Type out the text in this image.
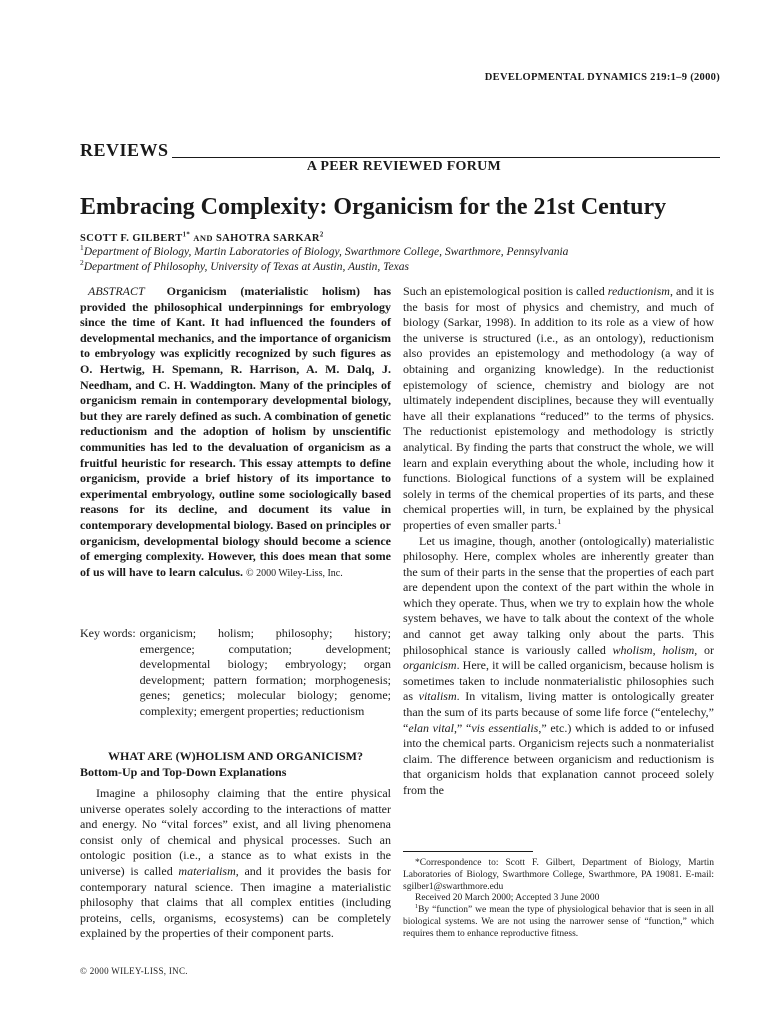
DEVELOPMENTAL DYNAMICS 219:1–9 (2000)
REVIEWS
A PEER REVIEWED FORUM
Embracing Complexity: Organicism for the 21st Century
SCOTT F. $GILBERT^{1*}$ AND SAHOTRA SARKAR$^2$
$^1$Department of Biology, Martin Laboratories of Biology, Swarthmore College, Swarthmore, Pennsylvania
$^2$Department of Philosophy, University of Texas at Austin, Austin, Texas
ABSTRACT Organicism (materialistic holism) has provided the philosophical underpinnings for embryology since the time of Kant. It had influenced the founders of developmental mechanics, and the importance of organicism to embryology was explicitly recognized by such figures as O. Hertwig, H. Spemann, R. Harrison, A. M. Dalq, J. Needham, and C. H. Waddington. Many of the principles of organicism remain in contemporary developmental biology, but they are rarely defined as such. A combination of genetic reductionism and the adoption of holism by unscientific communities has led to the devaluation of organicism as a fruitful heuristic for research. This essay attempts to define organicism, provide a brief history of its importance to experimental embryology, outline some sociologically based reasons for its decline, and document its value in contemporary developmental biology. Based on principles or organicism, developmental biology should become a science of emerging complexity. However, this does mean that some of us will have to learn calculus. © 2000 Wiley-Liss, Inc.
Key words: organicism; holism; philosophy; history; emergence; computation; development; developmental biology; embryology; organ development; pattern formation; morphogenesis; genes; genetics; molecular biology; genome; complexity; emergent properties; reductionism
WHAT ARE (W)HOLISM AND ORGANICISM?
Bottom-Up and Top-Down Explanations

Imagine a philosophy claiming that the entire physical universe operates solely according to the interactions of matter and energy. No “vital forces” exist, and all living phenomena consist only of chemical and physical processes. Such an ontologic position (i.e., a stance as to what exists in the universe) is called materialism, and it provides the basis for contemporary natural science. Then imagine a materialistic philosophy that claims that all complex entities (including proteins, cells, organisms, ecosystems) can be completely explained by the properties of their component parts.

Such an epistemological position is called reductionism, and it is the basis for most of physics and chemistry, and much of biology (Sarkar, 1998). In addition to its role as a view of how the universe is structured (i.e., as an ontology), reductionism also provides an epistemology and methodology (a way of obtaining and organizing knowledge). In the reductionist epistemology of science, chemistry and biology are not ultimately independent disciplines, because they will eventually have all their explanations “reduced” to the terms of physics. The reductionist epistemology and methodology is strictly analytical. By finding the parts that construct the whole, we will learn and explain everything about the whole, including how it functions. Biological functions of a system will be explained solely in terms of the chemical properties of its parts, and these chemical properties will, in turn, be explained by the physical properties of even smaller parts.$^1$

Let us imagine, though, another (ontologically) materialistic philosophy. Here, complex wholes are inherently greater than the sum of their parts in the sense that the properties of each part are dependent upon the context of the part within the whole in which they operate. Thus, when we try to explain how the whole system behaves, we have to talk about the context of the whole and cannot get away talking only about the parts. This philosophical stance is variously called wholism, holism, or organicism. Here, it will be called organicism, because holism is sometimes taken to include nonmaterialistic philosophies such as vitalism. In vitalism, living matter is ontologically greater than the sum of its parts because of some life force (“entelechy,” “elan vital,” “vis essentialis,” etc.) which is added to or infused into the chemical parts. Organicism rejects such a nonmaterialist claim. The difference between organicism and reductionism is that organicism holds that explanation cannot proceed solely from the

*Correspondence to: Scott F. Gilbert, Department of Biology, Martin Laboratories of Biology, Swarthmore College, Swarthmore, PA 19081. E-mail: sgilber1@swarthmore.edu

Received 20 March 2000; Accepted 3 June 2000

$^1$By “function” we mean the type of physiological behavior that is seen in all biological systems. We are not using the narrower sense of “function,” which requires them to enhance reproductive fitness.

© 2000 WILEY-LISS, INC.
